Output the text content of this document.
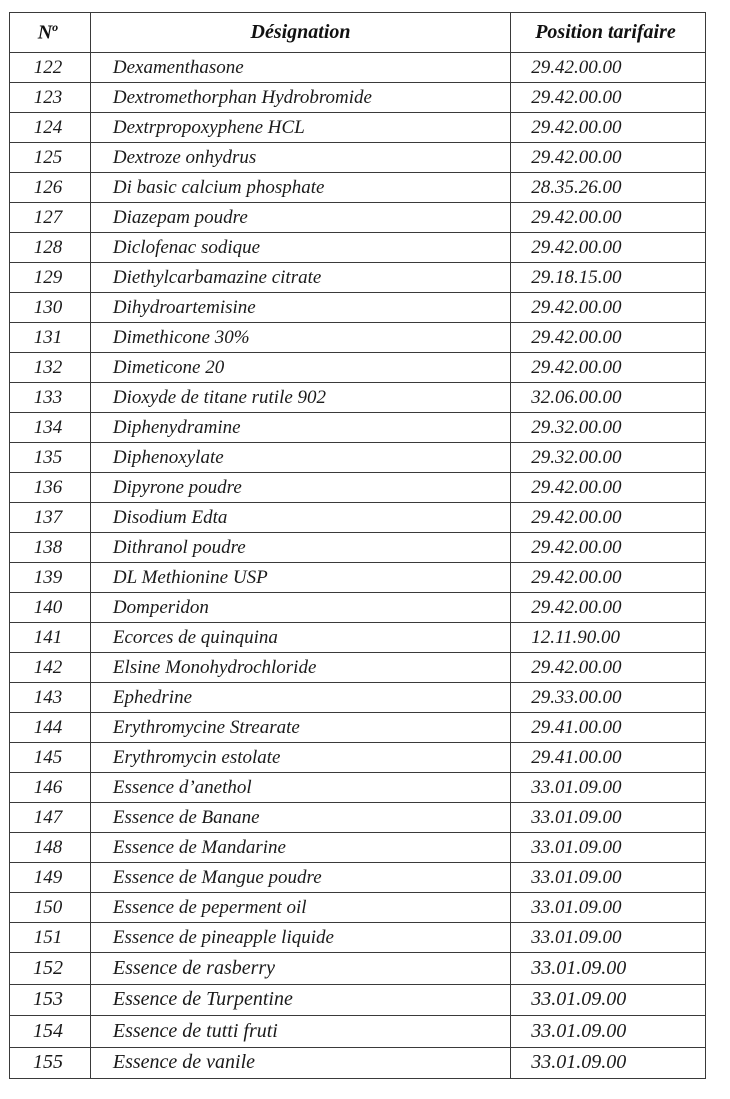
$N^o$	Désignation	Position tarifaire
122	Dexamenthasone	29.42.00.00
123	Dextromethorphan Hydrobromide	29.42.00.00
124	Dextrpropoxyphene HCL	29.42.00.00
125	Dextroze onhydrus	29.42.00.00
126	Di basic calcium phosphate	28.35.26.00
127	Diazepam poudre	29.42.00.00
128	Diclofenac sodique	29.42.00.00
129	Diethylcarbamazine citrate	29.18.15.00
130	Dihydroartemisine	29.42.00.00
131	Dimethicone 30%	29.42.00.00
132	Dimeticone 20	29.42.00.00
133	Dioxyde de titane rutile 902	32.06.00.00
134	Diphenydramine	29.32.00.00
135	Diphenoxylate	29.32.00.00
136	Dipyrone poudre	29.42.00.00
137	Disodium Edta	29.42.00.00
138	Dithranol poudre	29.42.00.00
139	DL Methionine USP	29.42.00.00
140	Domperidon	29.42.00.00
141	Ecorces de quinquina	12.11.90.00
142	Elsine Monohydrochloride	29.42.00.00
143	Ephedrine	29.33.00.00
144	Erythromycine Strearate	29.41.00.00
145	Erythromycin estolate	29.41.00.00
146	Essence d’anethol	33.01.09.00
147	Essence de Banane	33.01.09.00
148	Essence de Mandarine	33.01.09.00
149	Essence de Mangue poudre	33.01.09.00
150	Essence de peperment oil	33.01.09.00
151	Essence de pineapple liquide	33.01.09.00
152	Essence de rasberry	33.01.09.00
153	Essence de Turpentine	33.01.09.00
154	Essence de tutti fruti	33.01.09.00
155	Essence de vanile	33.01.09.00
